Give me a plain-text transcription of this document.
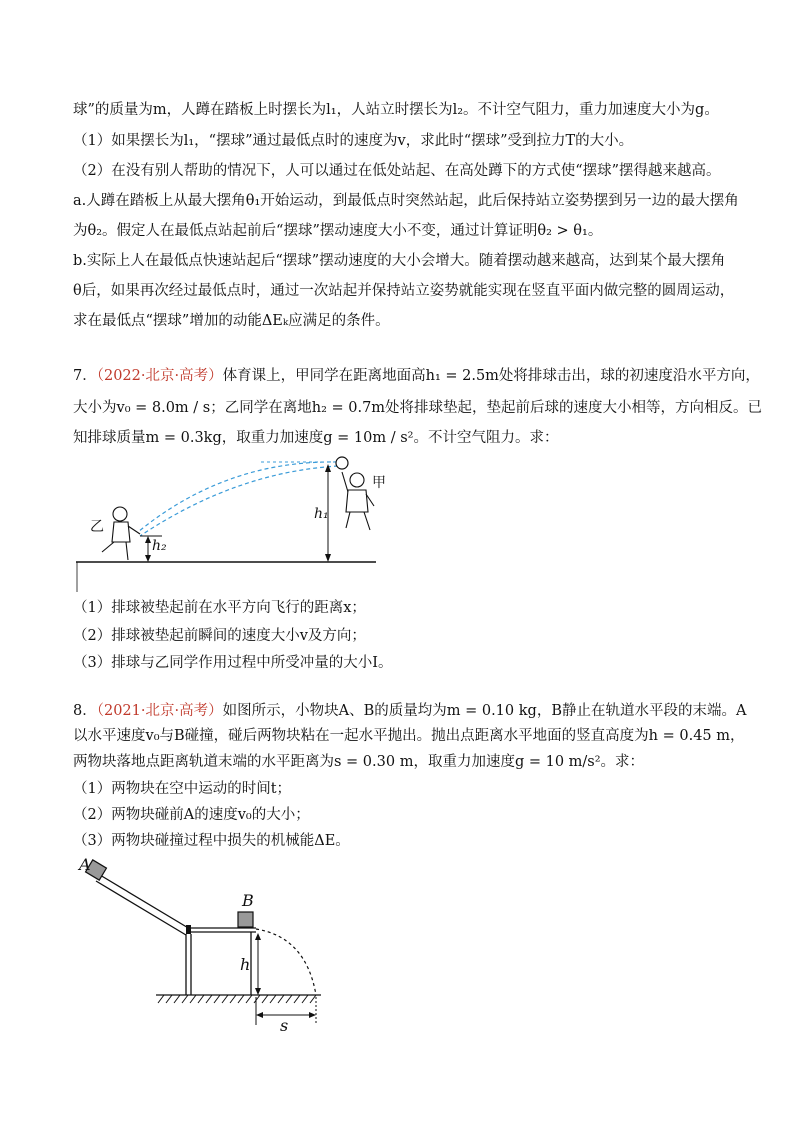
球”的质量为m，人蹲在踏板上时摆长为l₁，人站立时摆长为l₂。不计空气阻力，重力加速度大小为g。
（1）如果摆长为l₁，“摆球”通过最低点时的速度为v，求此时“摆球”受到拉力T的大小。
（2）在没有别人帮助的情况下，人可以通过在低处站起、在高处蹲下的方式使“摆球”摆得越来越高。
a.人蹲在踏板上从最大摆角θ₁开始运动，到最低点时突然站起，此后保持站立姿势摆到另一边的最大摆角
为θ₂。假定人在最低点站起前后“摆球”摆动速度大小不变，通过计算证明θ₂ > θ₁。
b.实际上人在最低点快速站起后“摆球”摆动速度的大小会增大。随着摆动越来越高，达到某个最大摆角
θ后，如果再次经过最低点时，通过一次站起并保持站立姿势就能实现在竖直平面内做完整的圆周运动，
求在最低点“摆球”增加的动能ΔEₖ应满足的条件。
7．（2022·北京·高考）体育课上，甲同学在距离地面高h₁ = 2.5m处将排球击出，球的初速度沿水平方向，
大小为v₀ = 8.0m / s；乙同学在离地h₂ = 0.7m处将排球垫起，垫起前后球的速度大小相等，方向相反。已
知排球质量m = 0.3kg，取重力加速度g = 10m / s²。不计空气阻力。求：
甲
乙
h₁
h₂
（1）排球被垫起前在水平方向飞行的距离x；
（2）排球被垫起前瞬间的速度大小v及方向；
（3）排球与乙同学作用过程中所受冲量的大小I。
8．（2021·北京·高考）如图所示，小物块A、B的质量均为m = 0.10 kg，B静止在轨道水平段的末端。A
以水平速度v₀与B碰撞，碰后两物块粘在一起水平抛出。抛出点距离水平地面的竖直高度为h = 0.45 m，
两物块落地点距离轨道末端的水平距离为s = 0.30 m，取重力加速度g = 10 m/s²。求：
（1）两物块在空中运动的时间t；
（2）两物块碰前A的速度v₀的大小；
（3）两物块碰撞过程中损失的机械能ΔE。
A
B
h
s
